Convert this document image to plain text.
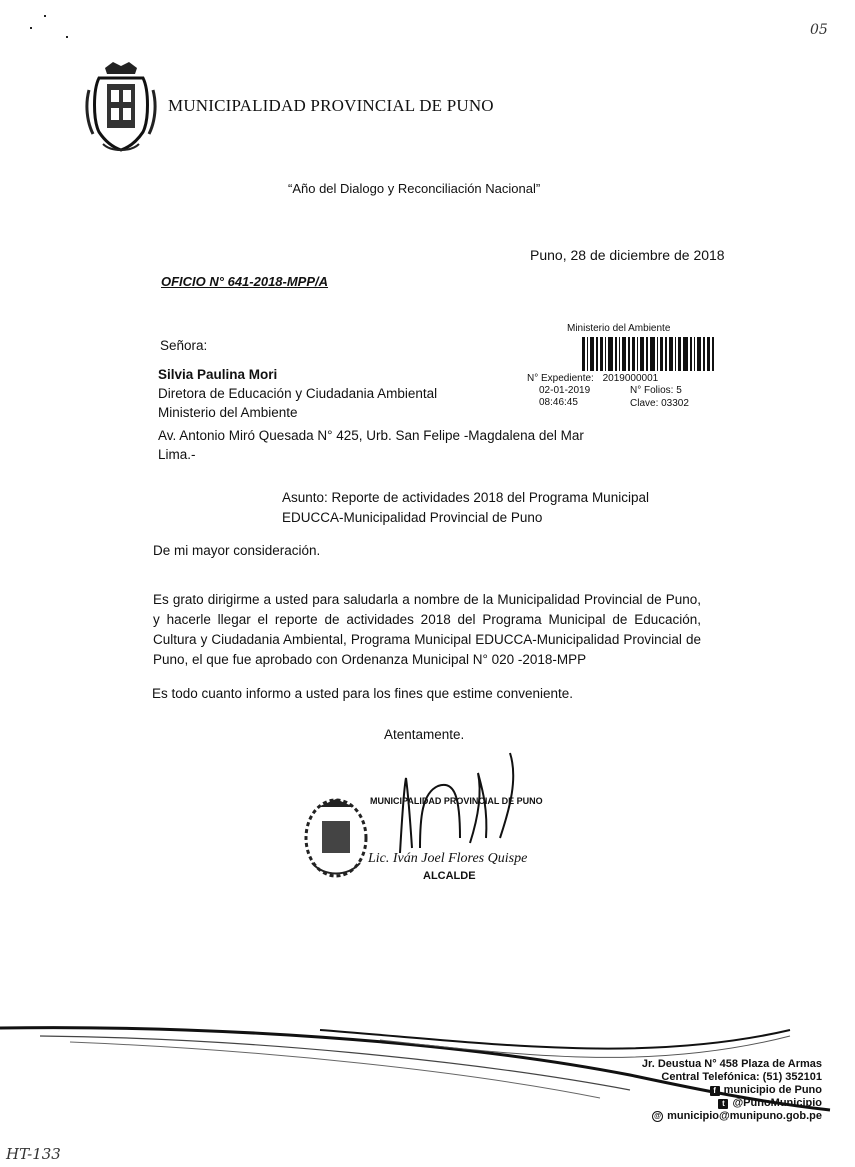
05
MUNICIPALIDAD PROVINCIAL DE PUNO
“Año del Dialogo y Reconciliación Nacional”
Puno, 28 de diciembre de 2018
OFICIO N° 641-2018-MPP/A
Ministerio del Ambiente
N° Expediente: 2019000001
02-01-2019	N° Folios: 5
08:46:45	Clave: 03302
Señora:
Silvia Paulina Mori
Diretora de Educación y Ciudadania Ambiental
Ministerio del Ambiente
Av. Antonio Miró Quesada N° 425, Urb. San Felipe -Magdalena del Mar
Lima.-
Asunto: Reporte de actividades 2018 del Programa Municipal EDUCCA-Municipalidad Provincial de Puno
De mi mayor consideración.
Es grato dirigirme a usted para saludarla a nombre de la Municipalidad Provincial de Puno, y hacerle llegar el reporte de actividades 2018 del Programa Municipal de Educación, Cultura y Ciudadania Ambiental, Programa Municipal EDUCCA-Municipalidad Provincial de Puno, el que fue aprobado con Ordenanza Municipal N° 020 -2018-MPP
Es todo cuanto informo a usted para los fines que estime conveniente.
Atentamente.
MUNICIPALIDAD PROVINCIAL DE PUNO
Lic. Iván Joel Flores Quispe
ALCALDE
Jr. Deustua N° 458 Plaza de Armas
Central Telefónica: (51) 352101
f municipio de Puno
t @PunoMunicipio
@ municipio@munipuno.gob.pe
HT-133
